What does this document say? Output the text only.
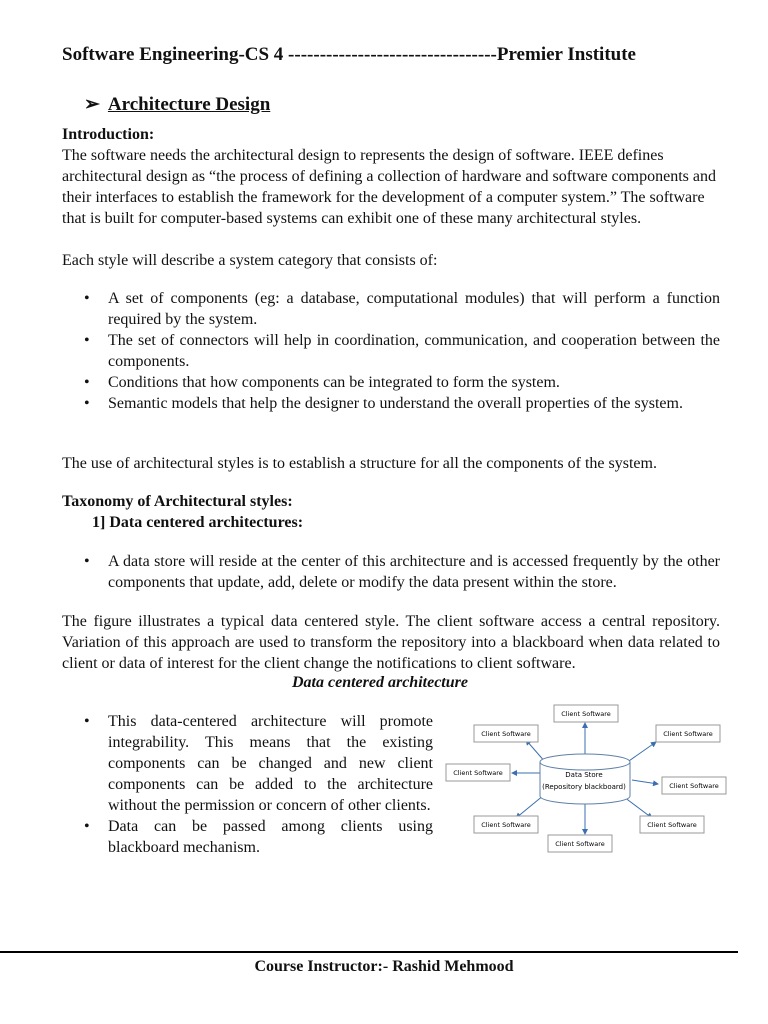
Software Engineering-CS 4 ---------------------------------Premier Institute
➢ Architecture Design
Introduction:
The software needs the architectural design to represents the design of software. IEEE defines architectural design as “the process of defining a collection of hardware and software components and their interfaces to establish the framework for the development of a computer system.” The software that is built for computer-based systems can exhibit one of these many architectural styles.
Each style will describe a system category that consists of:
• A set of components (eg: a database, computational modules) that will perform a function required by the system.
• The set of connectors will help in coordination, communication, and cooperation between the components.
• Conditions that how components can be integrated to form the system.
• Semantic models that help the designer to understand the overall properties of the system.
The use of architectural styles is to establish a structure for all the components of the system.
Taxonomy of Architectural styles:
1] Data centered architectures:
• A data store will reside at the center of this architecture and is accessed frequently by the other components that update, add, delete or modify the data present within the store.
The figure illustrates a typical data centered style. The client software access a central repository. Variation of this approach are used to transform the repository into a blackboard when data related to client or data of interest for the client change the notifications to client software.
Data centered architecture
• This data-centered architecture will promote integrability. This means that the existing components can be changed and new client components can be added to the architecture without the permission or concern of other clients.
• Data can be passed among clients using blackboard mechanism.
Data Store
(Repository blackboard)
Client Software
Client Software	Client Software
Client Software
Client Software
Client Software	Client Software
Client Software
Course Instructor:- Rashid Mehmood
